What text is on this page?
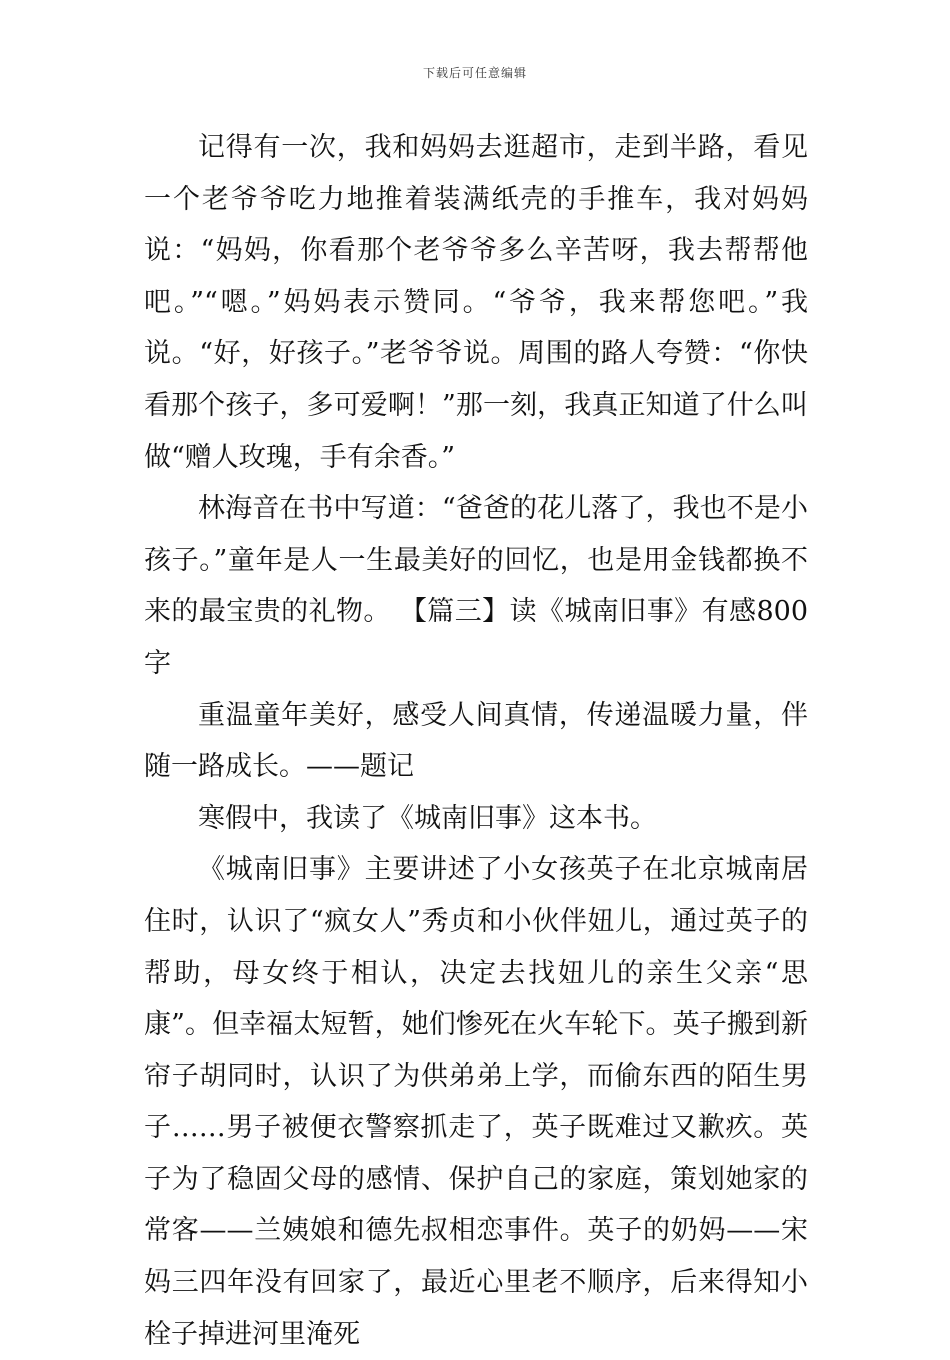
下载后可任意编辑

记得有一次，我和妈妈去逛超市，走到半路，看见一个老爷爷吃力地推着装满纸壳的手推车，我对妈妈说：“妈妈，你看那个老爷爷多么辛苦呀，我去帮帮他吧。”“嗯。”妈妈表示赞同。“爷爷，我来帮您吧。”我说。“好，好孩子。”老爷爷说。周围的路人夸赞：“你快看那个孩子，多可爱啊！”那一刻，我真正知道了什么叫做“赠人玫瑰，手有余香。”

林海音在书中写道：“爸爸的花儿落了，我也不是小孩子。”童年是人一生最美好的回忆，也是用金钱都换不来的最宝贵的礼物。 【篇三】读《城南旧事》有感800字

重温童年美好，感受人间真情，传递温暖力量，伴随一路成长。——题记

寒假中，我读了《城南旧事》这本书。

《城南旧事》主要讲述了小女孩英子在北京城南居住时，认识了“疯女人”秀贞和小伙伴妞儿，通过英子的帮助，母女终于相认，决定去找妞儿的亲生父亲“思康”。但幸福太短暂，她们惨死在火车轮下。英子搬到新帘子胡同时，认识了为供弟弟上学，而偷东西的陌生男子……男子被便衣警察抓走了，英子既难过又歉疚。英子为了稳固父母的感情、保护自己的家庭，策划她家的常客——兰姨娘和德先叔相恋事件。英子的奶妈——宋妈三四年没有回家了，最近心里老不顺序，后来得知小栓子掉进河里淹死
